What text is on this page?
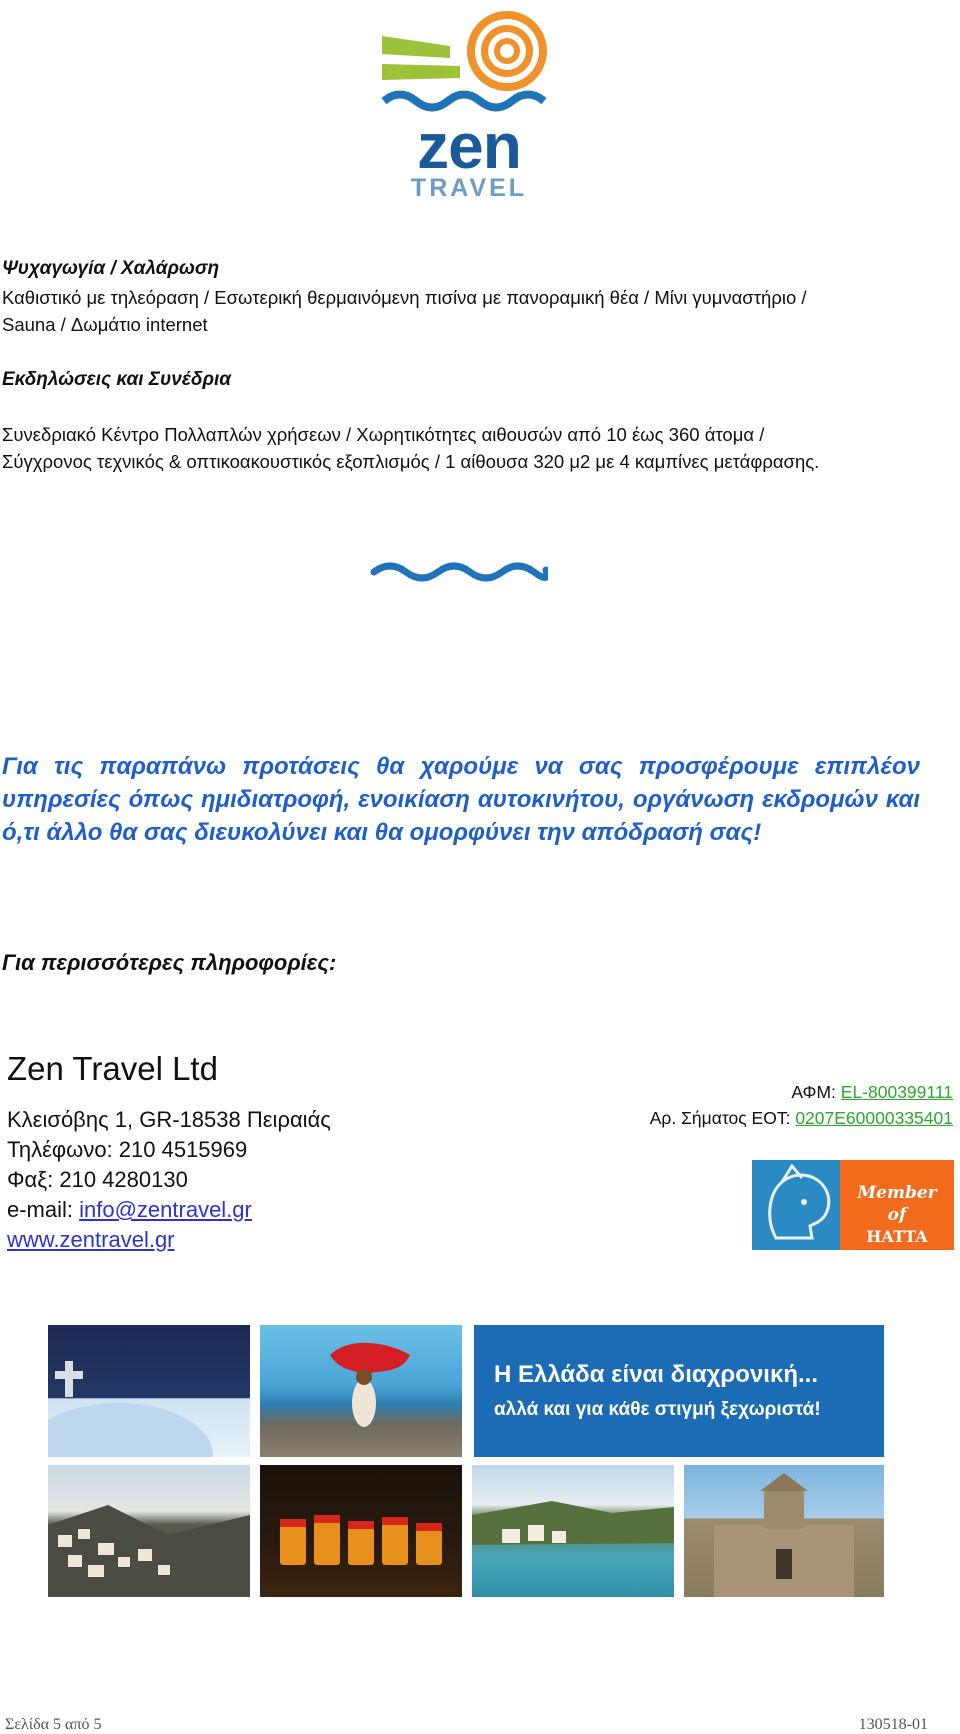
zen
TRAVEL
Ψυχαγωγία / Χαλάρωση
Καθιστικό με τηλεόραση / Εσωτερική θερμαινόμενη πισίνα με πανοραμική θέα / Μίνι γυμναστήριο /
Sauna / Δωμάτιο internet
Εκδηλώσεις και Συνέδρια
Συνεδριακό Κέντρο Πολλαπλών χρήσεων / Χωρητικότητες αιθουσών από 10 έως 360 άτομα /
Σύγχρονος τεχνικός & οπτικοακουστικός εξοπλισμός / 1 αίθουσα 320 μ2 με 4 καμπίνες μετάφρασης.
Για τις παραπάνω προτάσεις θα χαρούμε να σας προσφέρουμε επιπλέον υπηρεσίες όπως ημιδιατροφή, ενοικίαση αυτοκινήτου, οργάνωση εκδρομών και ό,τι άλλο θα σας διευκολύνει και θα ομορφύνει την απόδρασή σας!
Για περισσότερες πληροφορίες:
Zen Travel Ltd
Κλεισόβης 1, GR-18538 Πειραιάς
Τηλέφωνο: 210 4515969
Φαξ: 210 4280130
e-mail: info@zentravel.gr
www.zentravel.gr
ΑΦΜ: EL-800399111
Αρ. Σήματος ΕΟΤ: 0207E60000335401
Member of
HATTA
Η Ελλάδα είναι διαχρονική...
αλλά και για κάθε στιγμή ξεχωριστά!
Σελίδα 5 από 5	130518-01
